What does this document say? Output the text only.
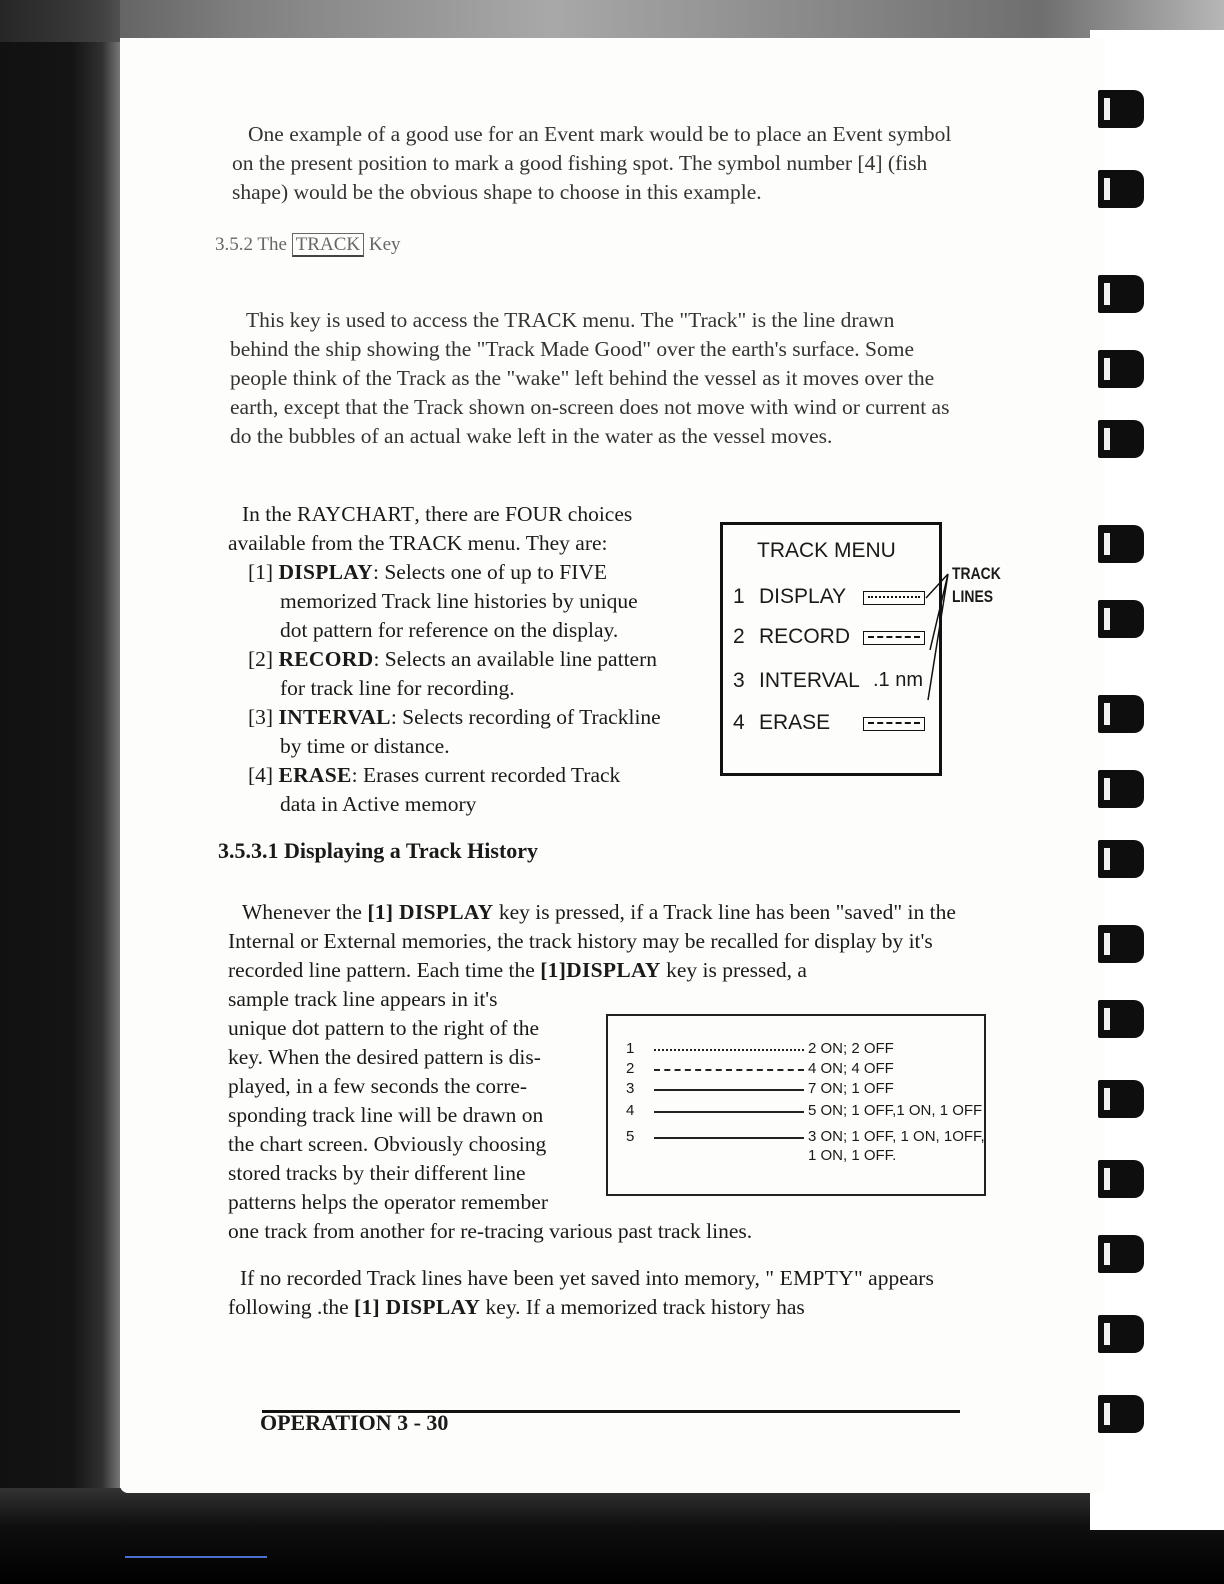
One example of a good use for an Event mark would be to place an Event symbol on the present position to mark a good fishing spot. The symbol number [4] (fish shape) would be the obvious shape to choose in this example.

3.5.2 The TRACK Key

This key is used to access the TRACK menu. The "Track" is the line drawn behind the ship showing the "Track Made Good" over the earth's surface. Some people think of the Track as the "wake" left behind the vessel as it moves over the earth, except that the Track shown on-screen does not move with wind or current as do the bubbles of an actual wake left in the water as the vessel moves.

In the RAYCHART, there are FOUR choices available from the TRACK menu. They are:

[1] DISPLAY: Selects one of up to FIVE

memorized Track line histories by unique

dot pattern for reference on the display.

[2] RECORD: Selects an available line pattern

for track line for recording.

[3] INTERVAL: Selects recording of Trackline

by time or distance.

[4] ERASE: Erases current recorded Track

data in Active memory

TRACK MENU
1 DISPLAY
2 RECORD
3 INTERVAL .1 nm
4 ERASE
TRACK
LINES
3.5.3.1 Displaying a Track History

Whenever the [1] DISPLAY key is pressed, if a Track line has been "saved" in the Internal or External memories, the track history may be recalled for display by it's recorded line pattern. Each time the [1]DISPLAY key is pressed, a

sample track line appears in it's
unique dot pattern to the right of the
key. When the desired pattern is dis-
played, in a few seconds the corre-
sponding track line will be drawn on
the chart screen. Obviously choosing
stored tracks by their different line
patterns helps the operator remember
one track from another for re-tracing various past track lines.
1	2 ON; 2 OFF
2	4 ON; 4 OFF
3	7 ON; 1 OFF
4	5 ON; 1 OFF,1 ON, 1 OFF
5	3 ON; 1 OFF, 1 ON, 1OFF,
1 ON, 1 OFF.

If no recorded Track lines have been yet saved into memory, " EMPTY" appears following .the [1] DISPLAY key. If a memorized track history has

OPERATION 3 - 30
